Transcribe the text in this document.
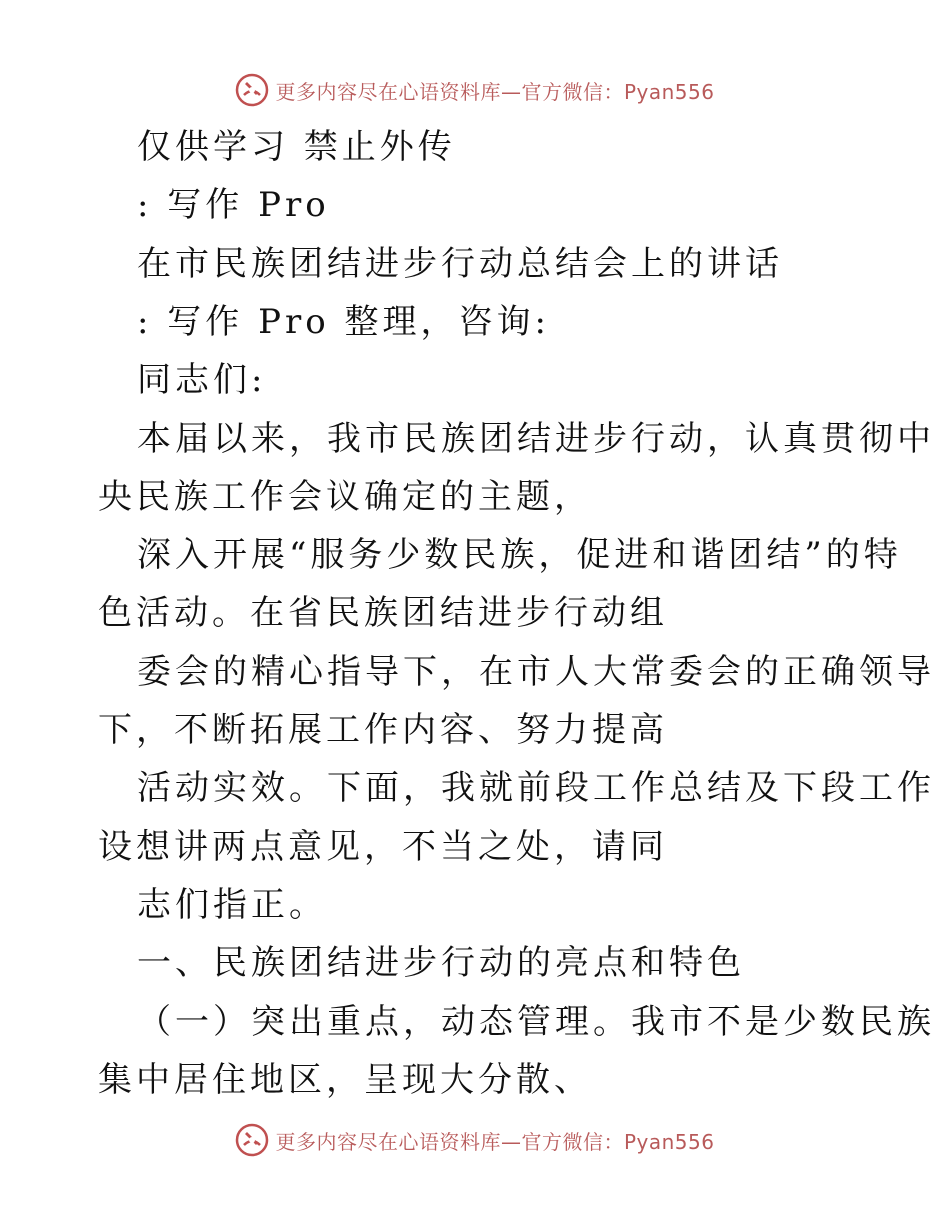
更多内容尽在心语资料库—官方微信：Pyan556
仅供学习 禁止外传
: 写作 Pro
在市民族团结进步行动总结会上的讲话
: 写作 Pro 整理，咨询:
同志们:
本届以来，我市民族团结进步行动，认真贯彻中
央民族工作会议确定的主题，
深入开展“服务少数民族，促进和谐团结”的特
色活动。在省民族团结进步行动组
委会的精心指导下，在市人大常委会的正确领导
下，不断拓展工作内容、努力提高
活动实效。下面，我就前段工作总结及下段工作
设想讲两点意见，不当之处，请同
志们指正。
一、民族团结进步行动的亮点和特色
（一）突出重点，动态管理。我市不是少数民族
集中居住地区，呈现大分散、
更多内容尽在心语资料库—官方微信：Pyan556
